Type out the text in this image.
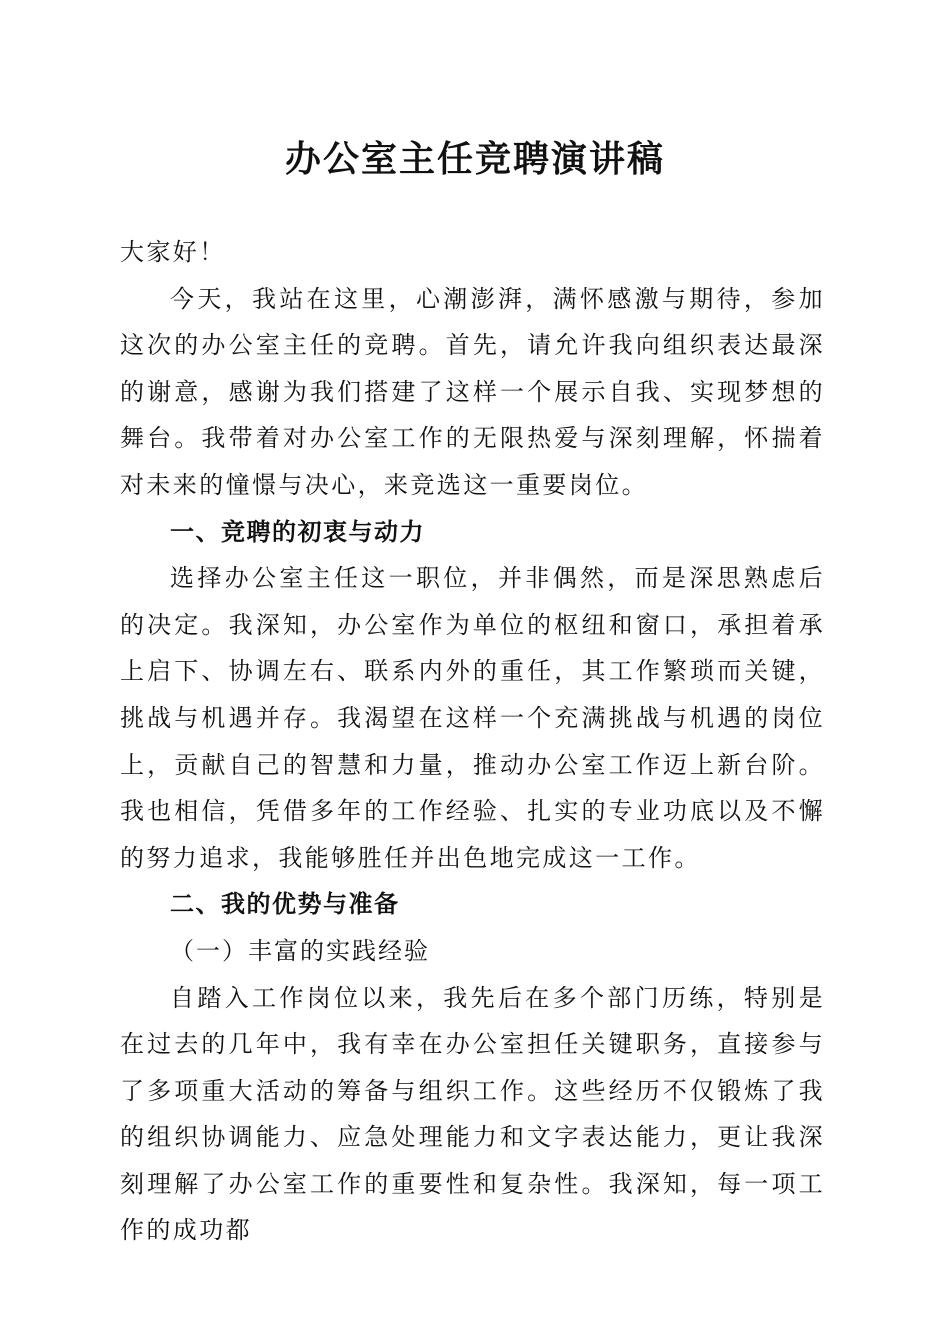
办公室主任竞聘演讲稿

大家好！

今天，我站在这里，心潮澎湃，满怀感激与期待，参加这次的办公室主任的竞聘。首先，请允许我向组织表达最深的谢意，感谢为我们搭建了这样一个展示自我、实现梦想的舞台。我带着对办公室工作的无限热爱与深刻理解，怀揣着对未来的憧憬与决心，来竞选这一重要岗位。

一、竞聘的初衷与动力

选择办公室主任这一职位，并非偶然，而是深思熟虑后的决定。我深知，办公室作为单位的枢纽和窗口，承担着承上启下、协调左右、联系内外的重任，其工作繁琐而关键，挑战与机遇并存。我渴望在这样一个充满挑战与机遇的岗位上，贡献自己的智慧和力量，推动办公室工作迈上新台阶。我也相信，凭借多年的工作经验、扎实的专业功底以及不懈的努力追求，我能够胜任并出色地完成这一工作。

二、我的优势与准备

（一）丰富的实践经验

自踏入工作岗位以来，我先后在多个部门历练，特别是在过去的几年中，我有幸在办公室担任关键职务，直接参与了多项重大活动的筹备与组织工作。这些经历不仅锻炼了我的组织协调能力、应急处理能力和文字表达能力，更让我深刻理解了办公室工作的重要性和复杂性。我深知，每一项工作的成功都
